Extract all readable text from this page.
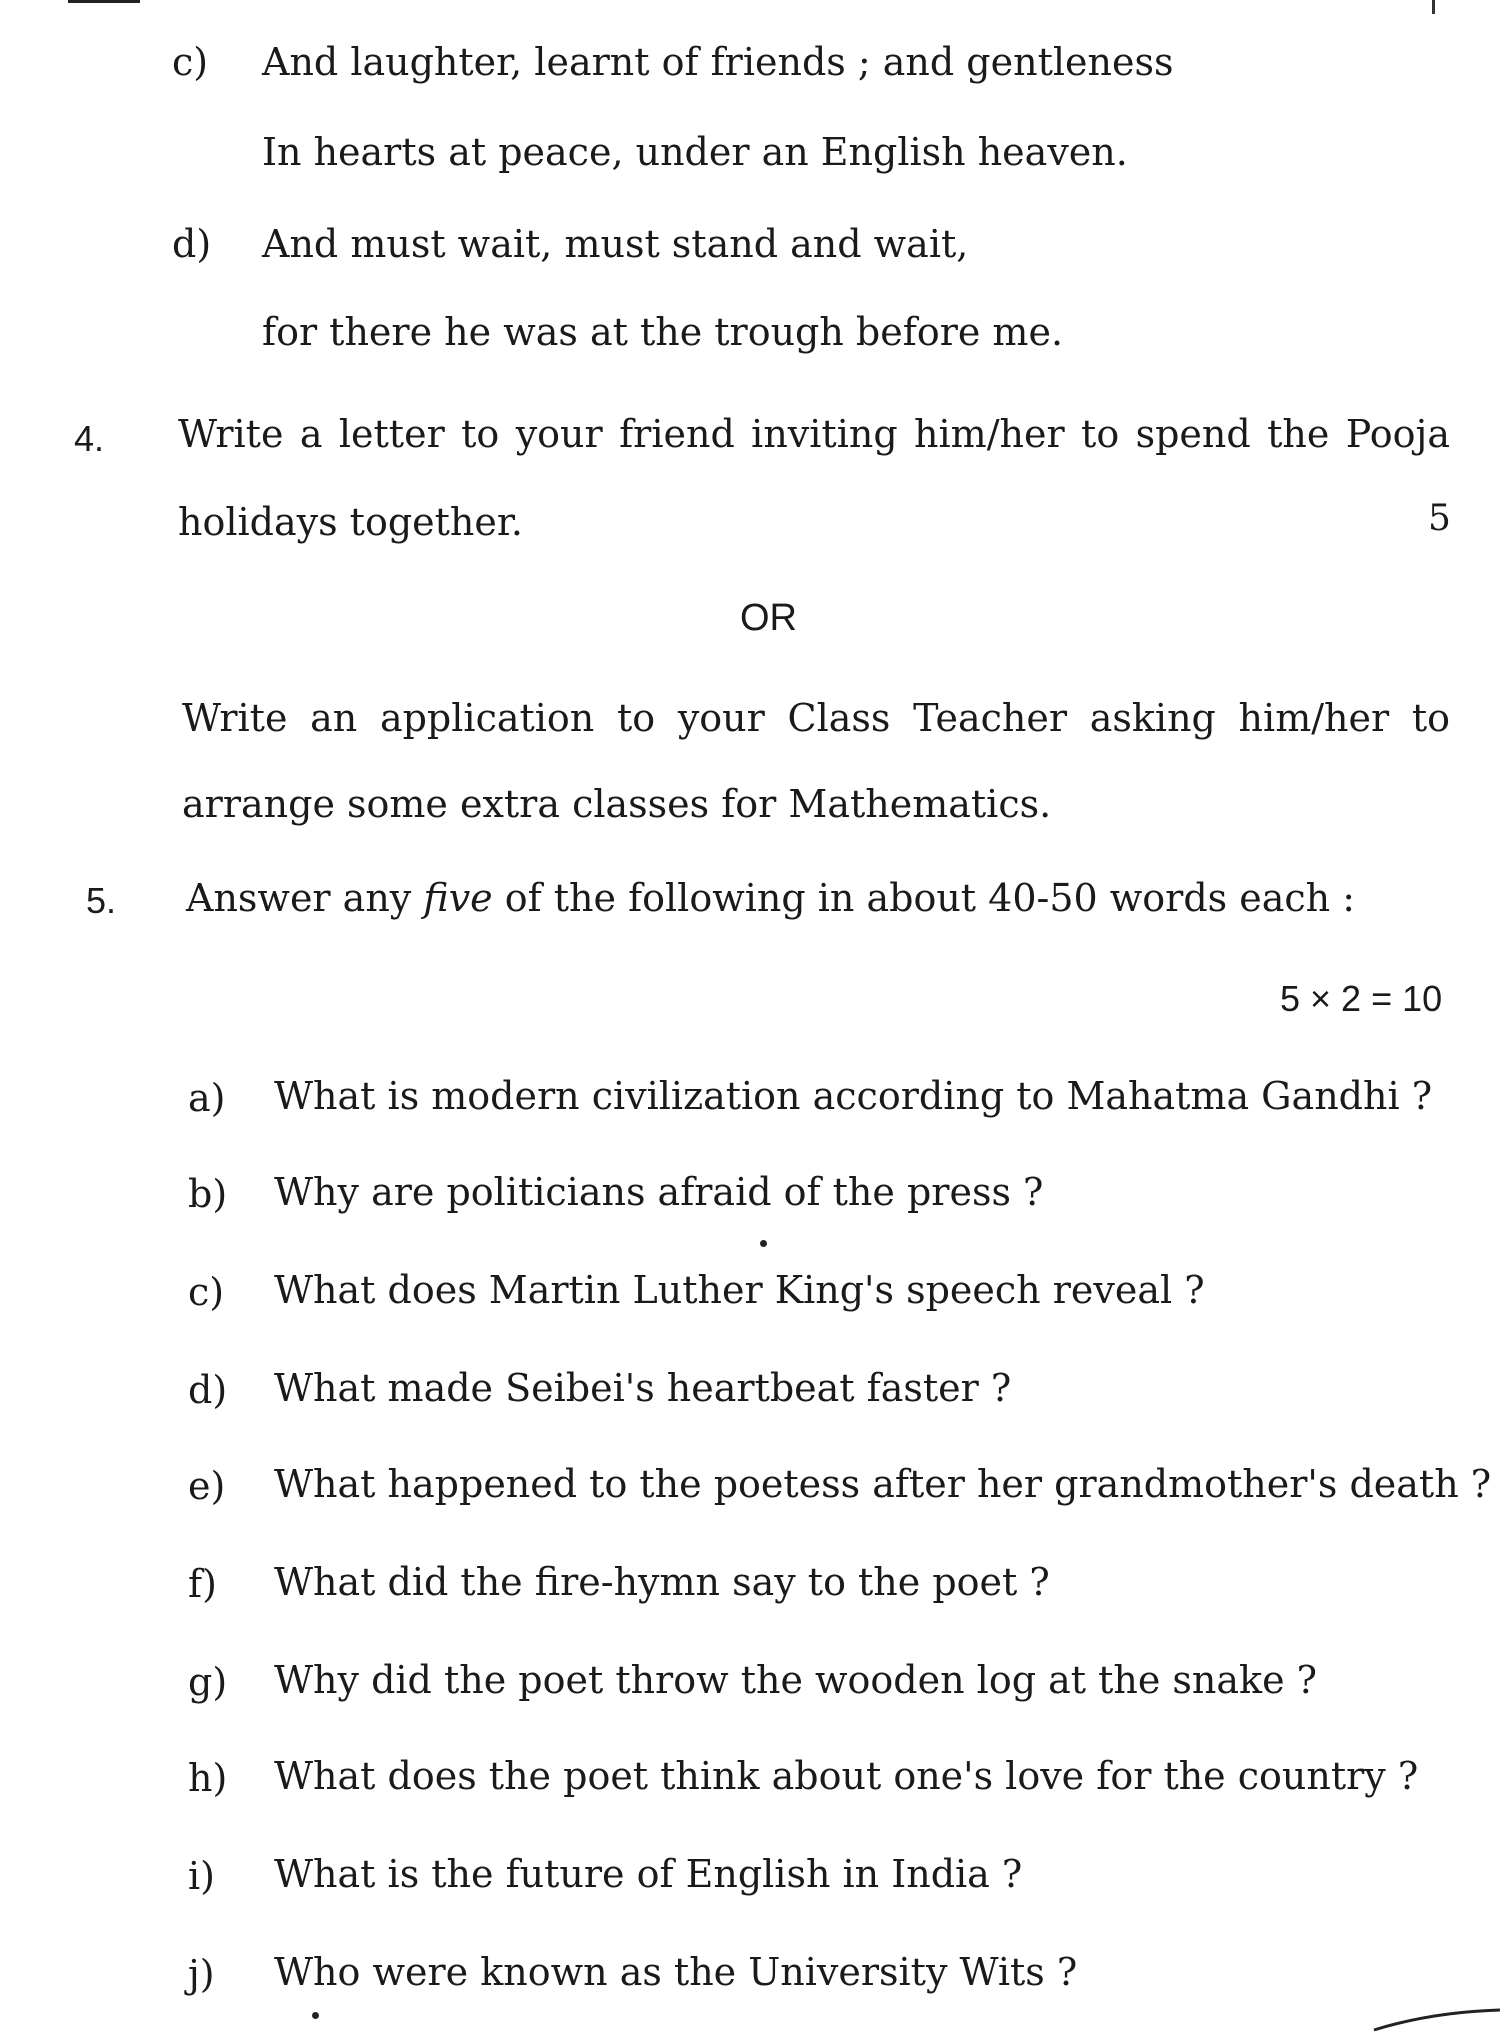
c) And laughter, learnt of friends ; and gentleness
In hearts at peace, under an English heaven.
d) And must wait, must stand and wait,
for there he was at the trough before me.
4. Write a letter to your friend inviting him/her to spend the Pooja
holidays together.	5
OR
Write an application to your Class Teacher asking him/her to
arrange some extra classes for Mathematics.
5. Answer any five of the following in about 40-50 words each :
5 × 2 = 10
a) What is modern civilization according to Mahatma Gandhi ?
b) Why are politicians afraid of the press ?
c) What does Martin Luther King's speech reveal ?
d) What made Seibei's heartbeat faster ?
e) What happened to the poetess after her grandmother's death ?
f) What did the fire-hymn say to the poet ?
g) Why did the poet throw the wooden log at the snake ?
h) What does the poet think about one's love for the country ?
i) What is the future of English in India ?
j) Who were known as the University Wits ?
